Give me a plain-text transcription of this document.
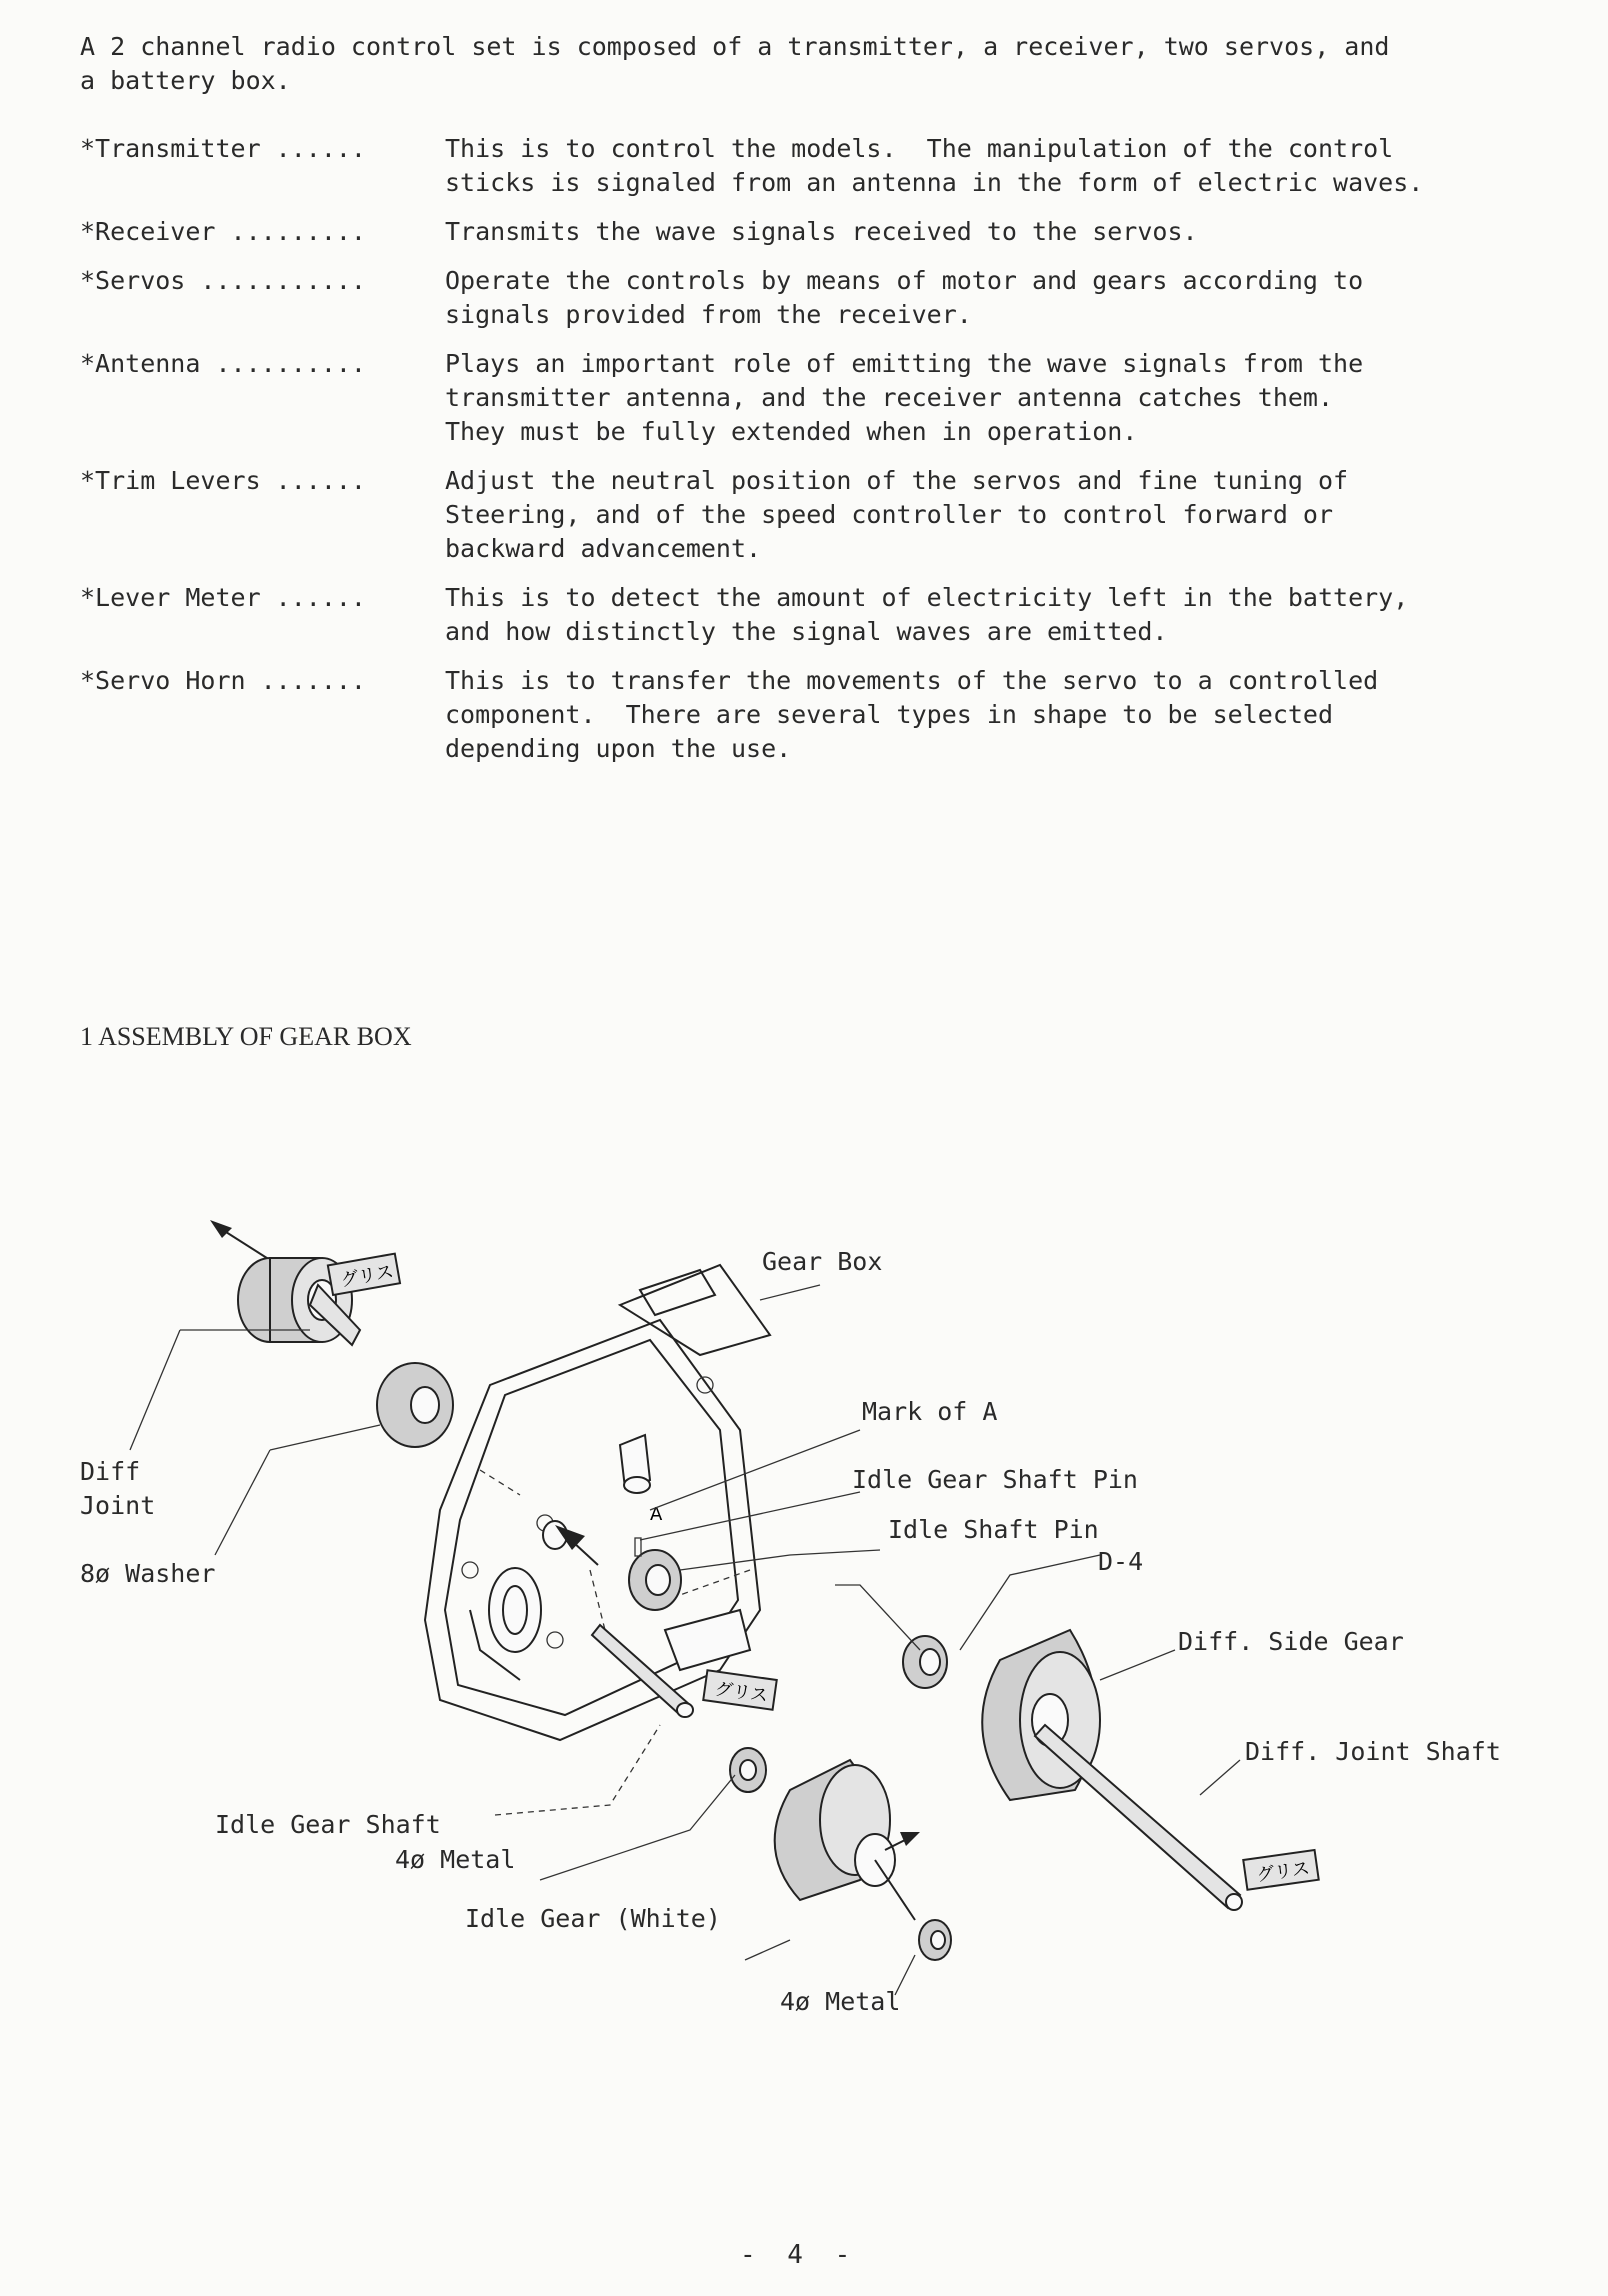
A 2 channel radio control set is composed of a transmitter, a receiver, two servos, and
a battery box.

*Transmitter ......	This is to control the models.  The manipulation of the control
sticks is signaled from an antenna in the form of electric waves.
*Receiver .........	Transmits the wave signals received to the servos.
*Servos ...........	Operate the controls by means of motor and gears according to
signals provided from the receiver.
*Antenna ..........	Plays an important role of emitting the wave signals from the
transmitter antenna, and the receiver antenna catches them.
They must be fully extended when in operation.
*Trim Levers ......	Adjust the neutral position of the servos and fine tuning of
Steering, and of the speed controller to control forward or
backward advancement.
*Lever Meter ......	This is to detect the amount of electricity left in the battery,
and how distinctly the signal waves are emitted.
*Servo Horn .......	This is to transfer the movements of the servo to a controlled
component.  There are several types in shape to be selected
depending upon the use.
1 ASSEMBLY OF GEAR BOX
グリス
A
グリス
グリス
Gear Box
Mark of A
Idle Gear Shaft Pin
Idle Shaft Pin
D-4
Diff. Side Gear
Diff. Joint Shaft
Diff
Joint
8ø Washer
Idle Gear Shaft
4ø Metal
Idle Gear (White)
4ø Metal
- 4 -
